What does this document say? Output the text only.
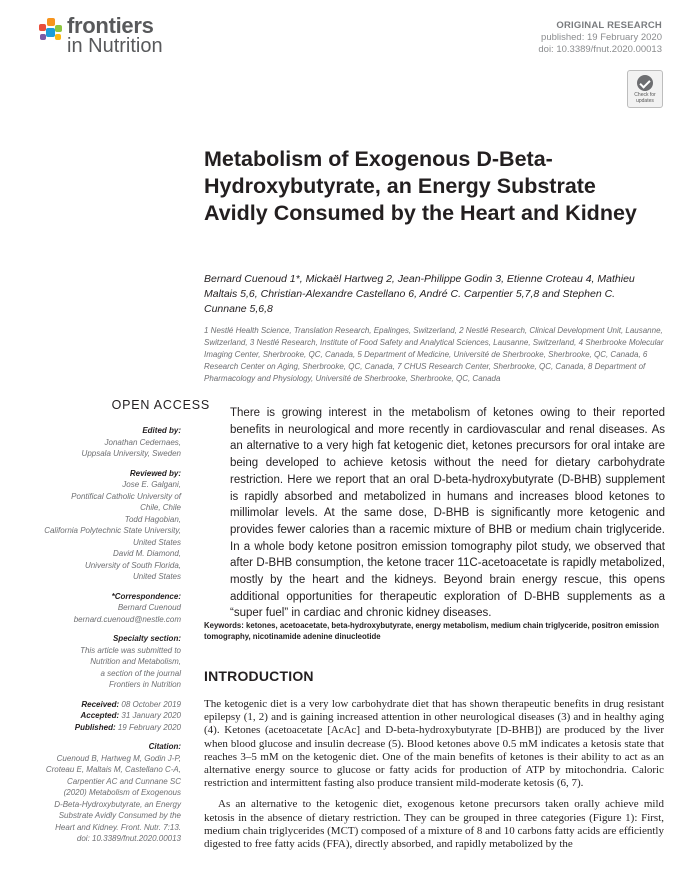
frontiers
in Nutrition
ORIGINAL RESEARCH
published: 19 February 2020
doi: 10.3389/fnut.2020.00013
Check for
updates
Metabolism of Exogenous D-Beta-Hydroxybutyrate, an Energy Substrate Avidly Consumed by the Heart and Kidney
Bernard Cuenoud 1*, Mickaël Hartweg 2, Jean-Philippe Godin 3, Etienne Croteau 4, Mathieu Maltais 5,6, Christian-Alexandre Castellano 6, André C. Carpentier 5,7,8 and Stephen C. Cunnane 5,6,8
1 Nestlé Health Science, Translation Research, Epalinges, Switzerland, 2 Nestlé Research, Clinical Development Unit, Lausanne, Switzerland, 3 Nestlé Research, Institute of Food Safety and Analytical Sciences, Lausanne, Switzerland, 4 Sherbrooke Molecular Imaging Center, Sherbrooke, QC, Canada, 5 Department of Medicine, Université de Sherbrooke, Sherbrooke, QC, Canada, 6 Research Center on Aging, Sherbrooke, QC, Canada, 7 CHUS Research Center, Sherbrooke, QC, Canada, 8 Department of Pharmacology and Physiology, Université de Sherbrooke, Sherbrooke, QC, Canada
OPEN ACCESS
Edited by:
Jonathan Cedernaes,
Uppsala University, Sweden
Reviewed by:
Jose E. Galgani,
Pontifical Catholic University of
Chile, Chile
Todd Hagobian,
California Polytechnic State University,
United States
David M. Diamond,
University of South Florida,
United States
*Correspondence:
Bernard Cuenoud
bernard.cuenoud@nestle.com
Specialty section:
This article was submitted to
Nutrition and Metabolism,
a section of the journal
Frontiers in Nutrition
Received: 08 October 2019
Accepted: 31 January 2020
Published: 19 February 2020
Citation:
Cuenoud B, Hartweg M, Godin J-P,
Croteau E, Maltais M, Castellano C-A,
Carpentier AC and Cunnane SC
(2020) Metabolism of Exogenous
D-Beta-Hydroxybutyrate, an Energy
Substrate Avidly Consumed by the
Heart and Kidney. Front. Nutr. 7:13.
doi: 10.3389/fnut.2020.00013
There is growing interest in the metabolism of ketones owing to their reported benefits in neurological and more recently in cardiovascular and renal diseases. As an alternative to a very high fat ketogenic diet, ketones precursors for oral intake are being developed to achieve ketosis without the need for dietary carbohydrate restriction. Here we report that an oral D-beta-hydroxybutyrate (D-BHB) supplement is rapidly absorbed and metabolized in humans and increases blood ketones to millimolar levels. At the same dose, D-BHB is significantly more ketogenic and provides fewer calories than a racemic mixture of BHB or medium chain triglyceride. In a whole body ketone positron emission tomography pilot study, we observed that after D-BHB consumption, the ketone tracer 11C-acetoacetate is rapidly metabolized, mostly by the heart and the kidneys. Beyond brain energy rescue, this opens additional opportunities for therapeutic exploration of D-BHB supplements as a “super fuel” in cardiac and chronic kidney diseases.
Keywords: ketones, acetoacetate, beta-hydroxybutyrate, energy metabolism, medium chain triglyceride, positron emission tomography, nicotinamide adenine dinucleotide
INTRODUCTION

The ketogenic diet is a very low carbohydrate diet that has shown therapeutic benefits in drug resistant epilepsy (1, 2) and is gaining increased attention in other neurological diseases (3) and in healthy aging (4). Ketones (acetoacetate [AcAc] and D-beta-hydroxybutyrate [D-BHB]) are produced by the liver when blood glucose and insulin decrease (5). Blood ketones above 0.5 mM indicates a ketosis state that reaches 3–5 mM on the ketogenic diet. One of the main benefits of ketones is their ability to act as an alternative energy source to glucose or fatty acids for production of ATP by mitochondria. Caloric restriction and intermittent fasting also produce transient mild-moderate ketosis (6, 7).

As an alternative to the ketogenic diet, exogenous ketone precursors taken orally achieve mild ketosis in the absence of dietary restriction. They can be grouped in three categories (Figure 1): First, medium chain triglycerides (MCT) composed of a mixture of 8 and 10 carbons fatty acids are efficiently digested to free fatty acids (FFA), directly absorbed, and rapidly metabolized by the
